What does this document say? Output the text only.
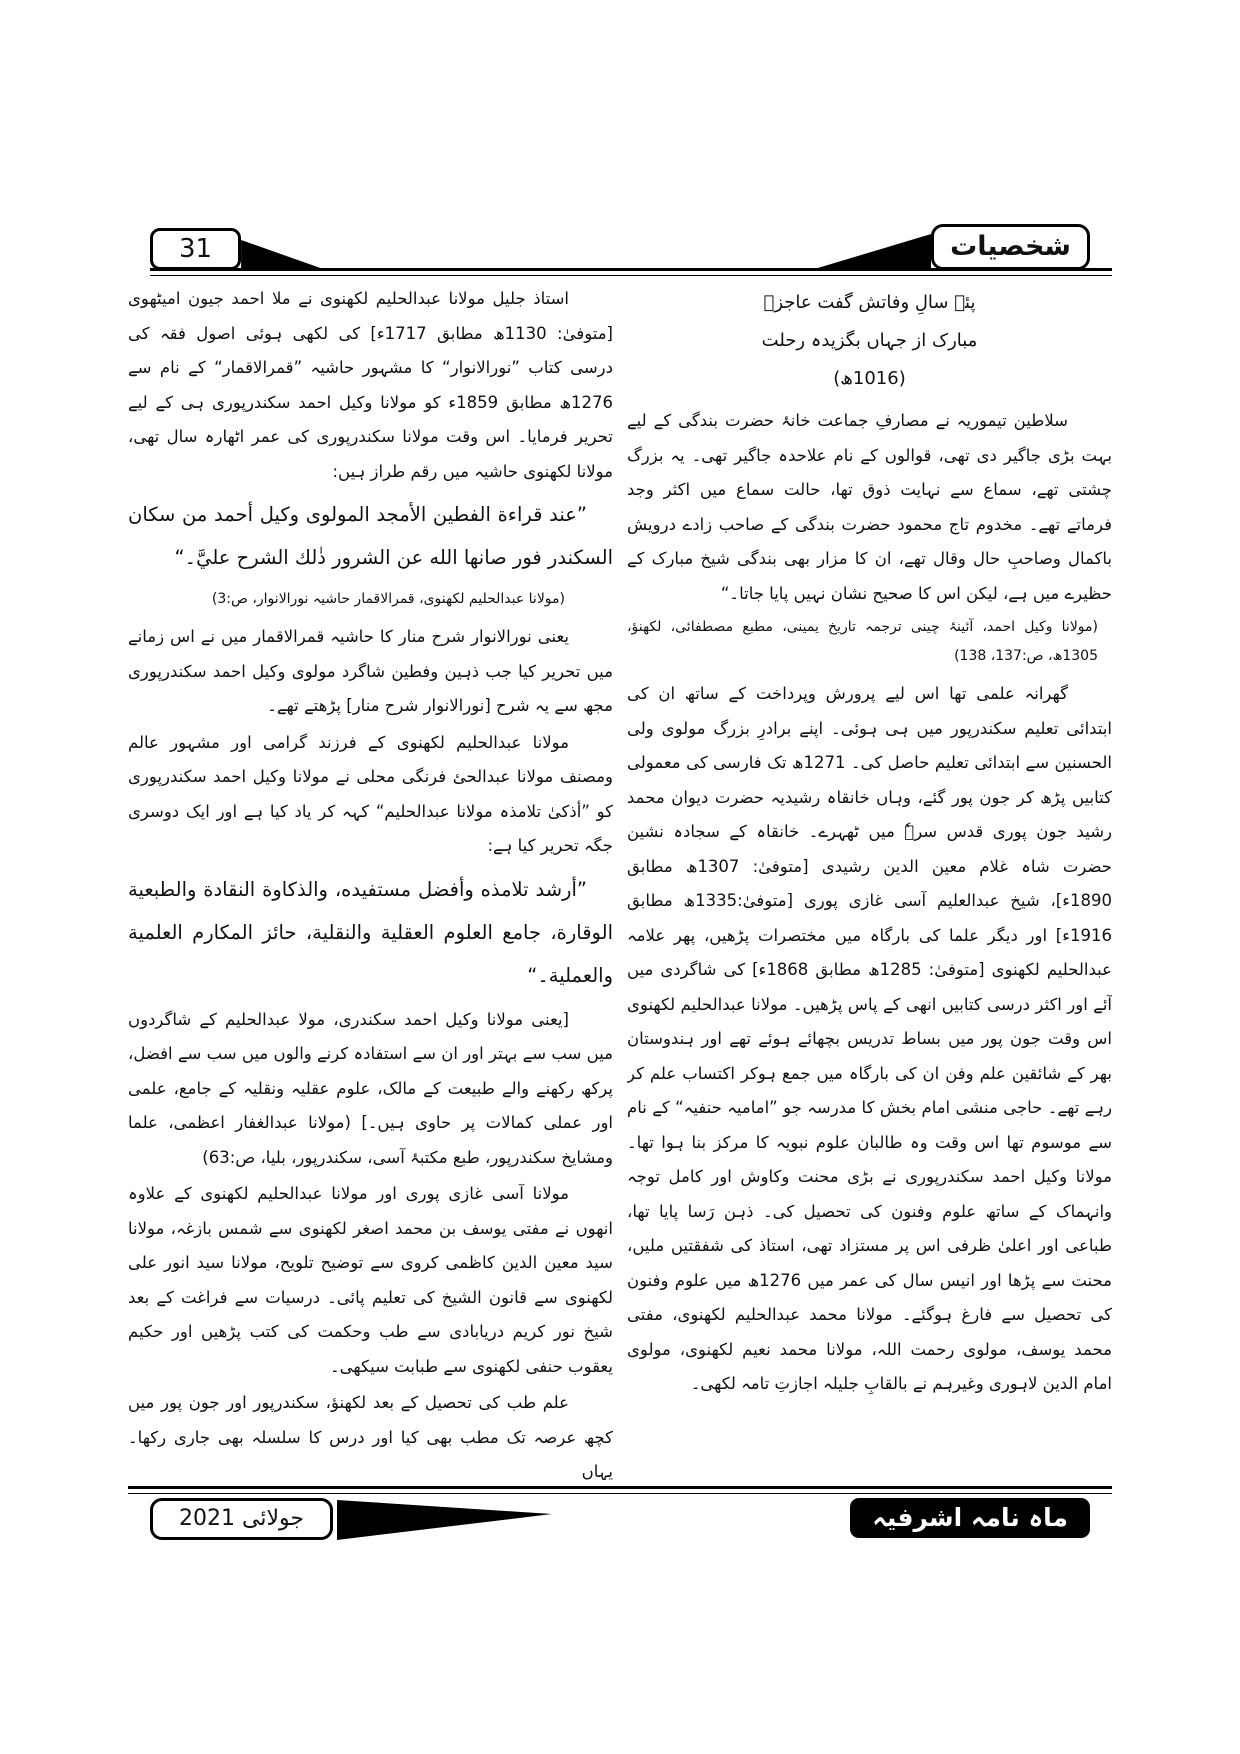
31	شخصیات
پئے سالِ وفاتش گفت عاجزؔ
مبارک از جہاں بگزیدہ رحلت
(1016ھ)

سلاطین تیموریہ نے مصارفِ جماعت خانۂ حضرت بندگی کے لیے بہت بڑی جاگیر دی تھی، قوالوں کے نام علاحدہ جاگیر تھی۔ یہ بزرگ چشتی تھے، سماع سے نہایت ذوق تھا، حالت سماع میں اکثر وجد فرماتے تھے۔ مخدوم تاج محمود حضرت بندگی کے صاحب زادے درویش باکمال وصاحبِ حال وقال تھے، ان کا مزار بھی بندگی شیخ مبارک کے حظیرے میں ہے، لیکن اس کا صحیح نشان نہیں پایا جاتا۔“

(مولانا وکیل احمد، آئینۂ چینی ترجمہ تاریخ یمینی، مطبع مصطفائی، لکھنؤ، 1305ھ، ص:137، 138)

گھرانہ علمی تھا اس لیے پرورش وپرداخت کے ساتھ ان کی ابتدائی تعلیم سکندرپور میں ہی ہوئی۔ اپنے برادرِ بزرگ مولوی ولی الحسنین سے ابتدائی تعلیم حاصل کی۔ 1271ھ تک فارسی کی معمولی کتابیں پڑھ کر جون پور گئے، وہاں خانقاہ رشیدیہ حضرت دیوان محمد رشید جون پوری قدس سرہٗ میں ٹھہرے۔ خانقاہ کے سجادہ نشین حضرت شاہ غلام معین الدین رشیدی [متوفیٰ: 1307ھ مطابق 1890ء]، شیخ عبدالعلیم آسی غازی پوری [متوفیٰ:1335ھ مطابق 1916ء] اور دیگر علما کی بارگاہ میں مختصرات پڑھیں، پھر علامہ عبدالحلیم لکھنوی [متوفیٰ: 1285ھ مطابق 1868ء] کی شاگردی میں آئے اور اکثر درسی کتابیں انھی کے پاس پڑھیں۔ مولانا عبدالحلیم لکھنوی اس وقت جون پور میں بساط تدریس بچھائے ہوئے تھے اور ہندوستان بھر کے شائقین علم وفن ان کی بارگاہ میں جمع ہوکر اکتساب علم کر رہے تھے۔ حاجی منشی امام بخش کا مدرسہ جو ”امامیہ حنفیہ“ کے نام سے موسوم تھا اس وقت وہ طالبان علوم نبویہ کا مرکز بنا ہوا تھا۔ مولانا وکیل احمد سکندرپوری نے بڑی محنت وکاوش اور کامل توجہ وانہماک کے ساتھ علوم وفنون کی تحصیل کی۔ ذہن رَسا پایا تھا، طباعی اور اعلیٰ ظرفی اس پر مستزاد تھی، استاذ کی شفقتیں ملیں، محنت سے پڑھا اور انیس سال کی عمر میں 1276ھ میں علوم وفنون کی تحصیل سے فارغ ہوگئے۔ مولانا محمد عبدالحلیم لکھنوی، مفتی محمد یوسف، مولوی رحمت اللہ، مولانا محمد نعیم لکھنوی، مولوی امام الدین لاہوری وغیرہم نے بالقابِ جلیلہ اجازتِ تامہ لکھی۔

استاذ جلیل مولانا عبدالحلیم لکھنوی نے ملا احمد جیون امیٹھوی [متوفیٰ: 1130ھ مطابق 1717ء] کی لکھی ہوئی اصول فقہ کی درسی کتاب ”نورالانوار“ کا مشہور حاشیہ ”قمرالاقمار“ کے نام سے 1276ھ مطابق 1859ء کو مولانا وکیل احمد سکندرپوری ہی کے لیے تحریر فرمایا۔ اس وقت مولانا سکندرپوری کی عمر اٹھارہ سال تھی، مولانا لکھنوی حاشیہ میں رقم طراز ہیں:

”عند قراءة الفطين الأمجد المولوى وكيل أحمد من سكان السكندر فور صانها الله عن الشرور ذٰلك الشرح عليَّ۔“

(مولانا عبدالحلیم لکھنوی، قمرالاقمار حاشیہ نورالانوار، ص:3)

یعنی نورالانوار شرح منار کا حاشیہ قمرالاقمار میں نے اس زمانے میں تحریر کیا جب ذہین وفطین شاگرد مولوی وکیل احمد سکندرپوری مجھ سے یہ شرح [نورالانوار شرح منار] پڑھتے تھے۔

مولانا عبدالحلیم لکھنوی کے فرزند گرامی اور مشہور عالم ومصنف مولانا عبدالحئ فرنگی محلی نے مولانا وکیل احمد سکندرپوری کو ”أذکیٰ تلامذہ مولانا عبدالحلیم“ کہہ کر یاد کیا ہے اور ایک دوسری جگہ تحریر کیا ہے:

”أرشد تلامذه وأفضل مستفيده، والذكاوة النقادة والطبعية الوقارة، جامع العلوم العقلية والنقلية، حائز المكارم العلمية والعملية۔“

[یعنی مولانا وکیل احمد سکندری، مولا عبدالحلیم کے شاگردوں میں سب سے بہتر اور ان سے استفادہ کرنے والوں میں سب سے افضل، پرکھ رکھنے والے طبیعت کے مالک، علوم عقلیہ ونقلیہ کے جامع، علمی اور عملی کمالات پر حاوی ہیں۔] (مولانا عبدالغفار اعظمی، علما ومشایخ سکندرپور، طبع مکتبۂ آسی، سکندرپور، بلیا، ص:63)

مولانا آسی غازی پوری اور مولانا عبدالحلیم لکھنوی کے علاوہ انھوں نے مفتی یوسف بن محمد اصغر لکھنوی سے شمس بازغہ، مولانا سید معین الدین کاظمی کروی سے توضیح تلویح، مولانا سید انور علی لکھنوی سے قانون الشیخ کی تعلیم پائی۔ درسیات سے فراغت کے بعد شیخ نور کریم دریابادی سے طب وحکمت کی کتب پڑھیں اور حکیم یعقوب حنفی لکھنوی سے طبابت سیکھی۔

علم طب کی تحصیل کے بعد لکھنؤ، سکندرپور اور جون پور میں کچھ عرصہ تک مطب بھی کیا اور درس کا سلسلہ بھی جاری رکھا۔ یہاں

جولائی 2021	ماہ نامہ اشرفیہ
